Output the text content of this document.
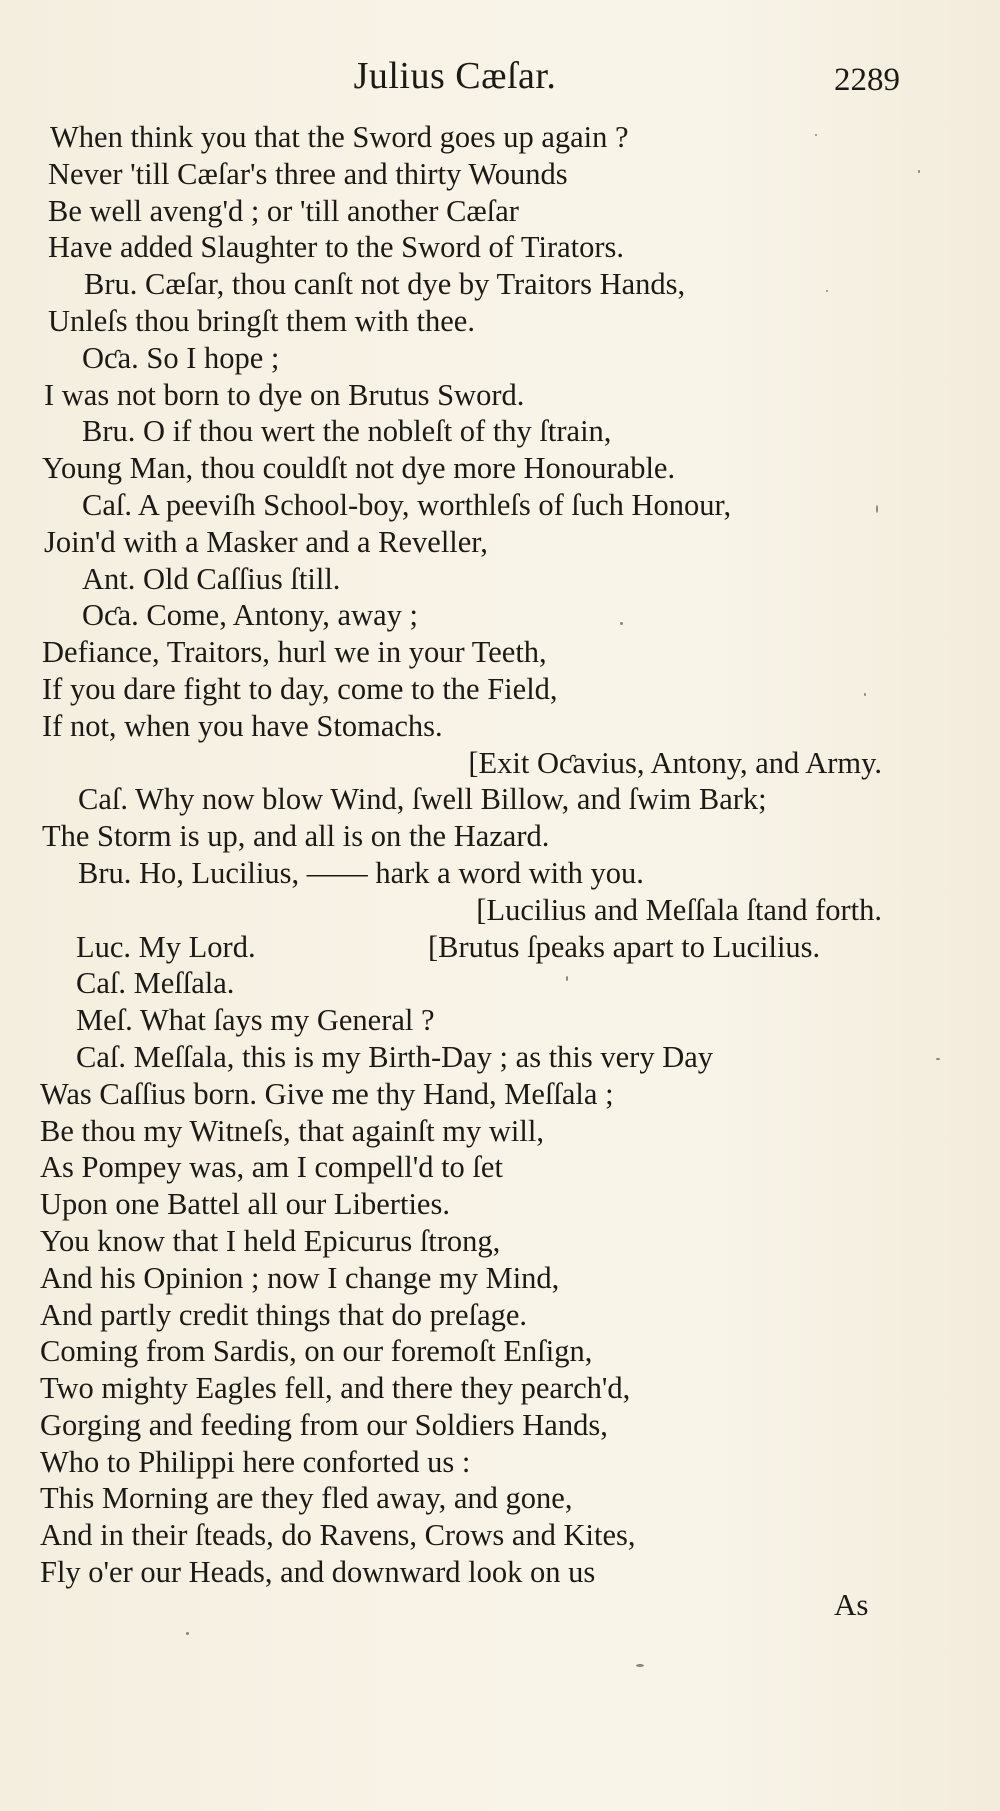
Julius Cæſar.	2289
When think you that the Sword goes up again ?
Never 'till Cæſar's three and thirty Wounds
Be well aveng'd ; or 'till another Cæſar
Have added Slaughter to the Sword of Tirators.
Bru. Cæſar, thou canſt not dye by Traitors Hands,
Unleſs thou bringſt them with thee.
Oƈa. So I hope ;
I was not born to dye on Brutus Sword.
Bru. O if thou wert the nobleſt of thy ſtrain,
Young Man, thou couldſt not dye more Honourable.
Caſ. A peeviſh School-boy, worthleſs of ſuch Honour,
Join'd with a Masker and a Reveller,
Ant. Old Caſſius ſtill.
Oƈa. Come, Antony, away ;
Defiance, Traitors, hurl we in your Teeth,
If you dare fight to day, come to the Field,
If not, when you have Stomachs.
[Exit Oƈavius, Antony, and Army.
Caſ. Why now blow Wind, ſwell Billow, and ſwim Bark;
The Storm is up, and all is on the Hazard.
Bru. Ho, Lucilius, —— hark a word with you.
[Lucilius and Meſſala ſtand forth.
Luc. My Lord.	[Brutus ſpeaks apart to Lucilius.
Caſ. Meſſala.
Meſ. What ſays my General ?
Caſ. Meſſala, this is my Birth-Day ; as this very Day
Was Caſſius born. Give me thy Hand, Meſſala ;
Be thou my Witneſs, that againſt my will,
As Pompey was, am I compell'd to ſet
Upon one Battel all our Liberties.
You know that I held Epicurus ſtrong,
And his Opinion ; now I change my Mind,
And partly credit things that do preſage.
Coming from Sardis, on our foremoſt Enſign,
Two mighty Eagles fell, and there they pearch'd,
Gorging and feeding from our Soldiers Hands,
Who to Philippi here conforted us :
This Morning are they fled away, and gone,
And in their ſteads, do Ravens, Crows and Kites,
Fly o'er our Heads, and downward look on us
As
